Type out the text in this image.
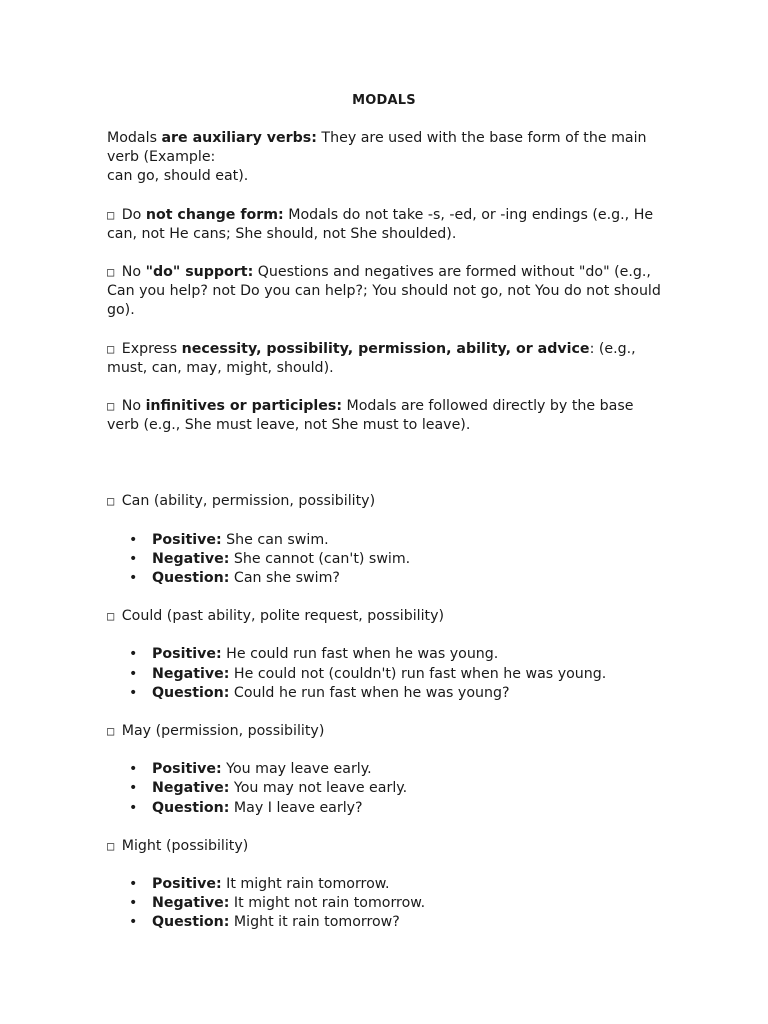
MODALS

Modals are auxiliary verbs: They are used with the base form of the main verb (Example:
can go, should eat).

□ Do not change form: Modals do not take -s, -ed, or -ing endings (e.g., He can, not He cans; She should, not She shoulded).

□ No "do" support: Questions and negatives are formed without "do" (e.g., Can you help? not Do you can help?; You should not go, not You do not should go).

□ Express necessity, possibility, permission, ability, or advice: (e.g., must, can, may, might, should).

□ No infinitives or participles: Modals are followed directly by the base verb (e.g., She must leave, not She must to leave).

□ Can (ability, permission, possibility)
• Positive: She can swim.
• Negative: She cannot (can't) swim.
• Question: Can she swim?
□ Could (past ability, polite request, possibility)
• Positive: He could run fast when he was young.
• Negative: He could not (couldn't) run fast when he was young.
• Question: Could he run fast when he was young?
□ May (permission, possibility)
• Positive: You may leave early.
• Negative: You may not leave early.
• Question: May I leave early?
□ Might (possibility)
• Positive: It might rain tomorrow.
• Negative: It might not rain tomorrow.
• Question: Might it rain tomorrow?
